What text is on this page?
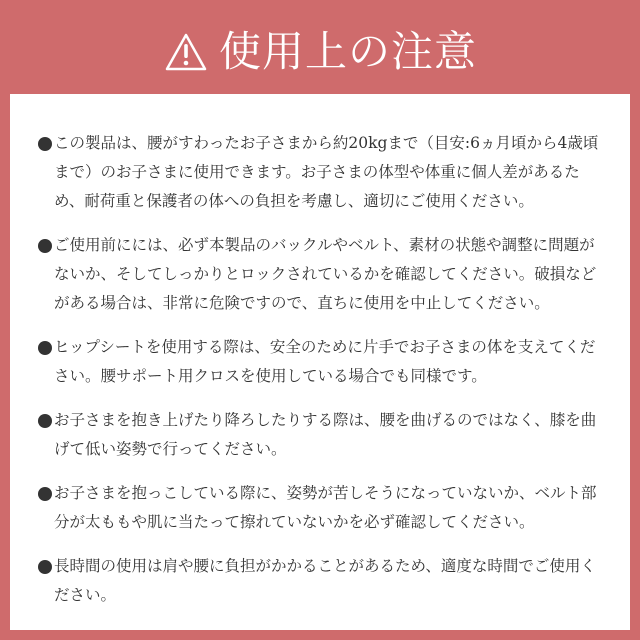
使用上の注意
この製品は、腰がすわったお子さまから約20kgまで（目安:6ヵ月頃から4歳頃まで）のお子さまに使用できます。お子さまの体型や体重に個人差があるため、耐荷重と保護者の体への負担を考慮し、適切にご使用ください。
ご使用前にには、必ず本製品のバックルやベルト、素材の状態や調整に問題がないか、そしてしっかりとロックされているかを確認してください。破損などがある場合は、非常に危険ですので、直ちに使用を中止してください。
ヒップシートを使用する際は、安全のために片手でお子さまの体を支えてください。腰サポート用クロスを使用している場合でも同様です。
お子さまを抱き上げたり降ろしたりする際は、腰を曲げるのではなく、膝を曲げて低い姿勢で行ってください。
お子さまを抱っこしている際に、姿勢が苦しそうになっていないか、ベルト部分が太ももや肌に当たって擦れていないかを必ず確認してください。
長時間の使用は肩や腰に負担がかかることがあるため、適度な時間でご使用ください。
